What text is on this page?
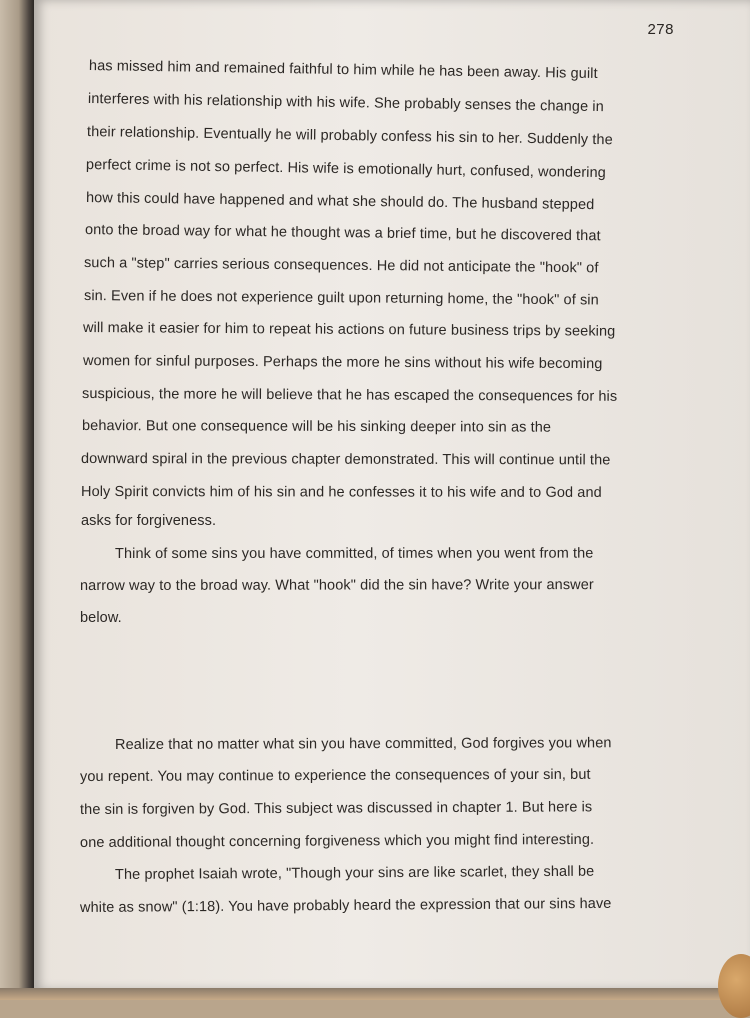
278

has missed him and remained faithful to him while he has been away. His guilt

interferes with his relationship with his wife. She probably senses the change in

their relationship. Eventually he will probably confess his sin to her. Suddenly the

perfect crime is not so perfect. His wife is emotionally hurt, confused, wondering

how this could have happened and what she should do. The husband stepped

onto the broad way for what he thought was a brief time, but he discovered that

such a "step" carries serious consequences. He did not anticipate the "hook" of

sin. Even if he does not experience guilt upon returning home, the "hook" of sin

will make it easier for him to repeat his actions on future business trips by seeking

women for sinful purposes. Perhaps the more he sins without his wife becoming

suspicious, the more he will believe that he has escaped the consequences for his

behavior. But one consequence will be his sinking deeper into sin as the

downward spiral in the previous chapter demonstrated. This will continue until the

Holy Spirit convicts him of his sin and he confesses it to his wife and to God and

asks for forgiveness.

Think of some sins you have committed, of times when you went from the

narrow way to the broad way. What "hook" did the sin have? Write your answer

below.

Realize that no matter what sin you have committed, God forgives you when

you repent. You may continue to experience the consequences of your sin, but

the sin is forgiven by God. This subject was discussed in chapter 1. But here is

one additional thought concerning forgiveness which you might find interesting.

The prophet Isaiah wrote, "Though your sins are like scarlet, they shall be

white as snow" (1:18). You have probably heard the expression that our sins have
